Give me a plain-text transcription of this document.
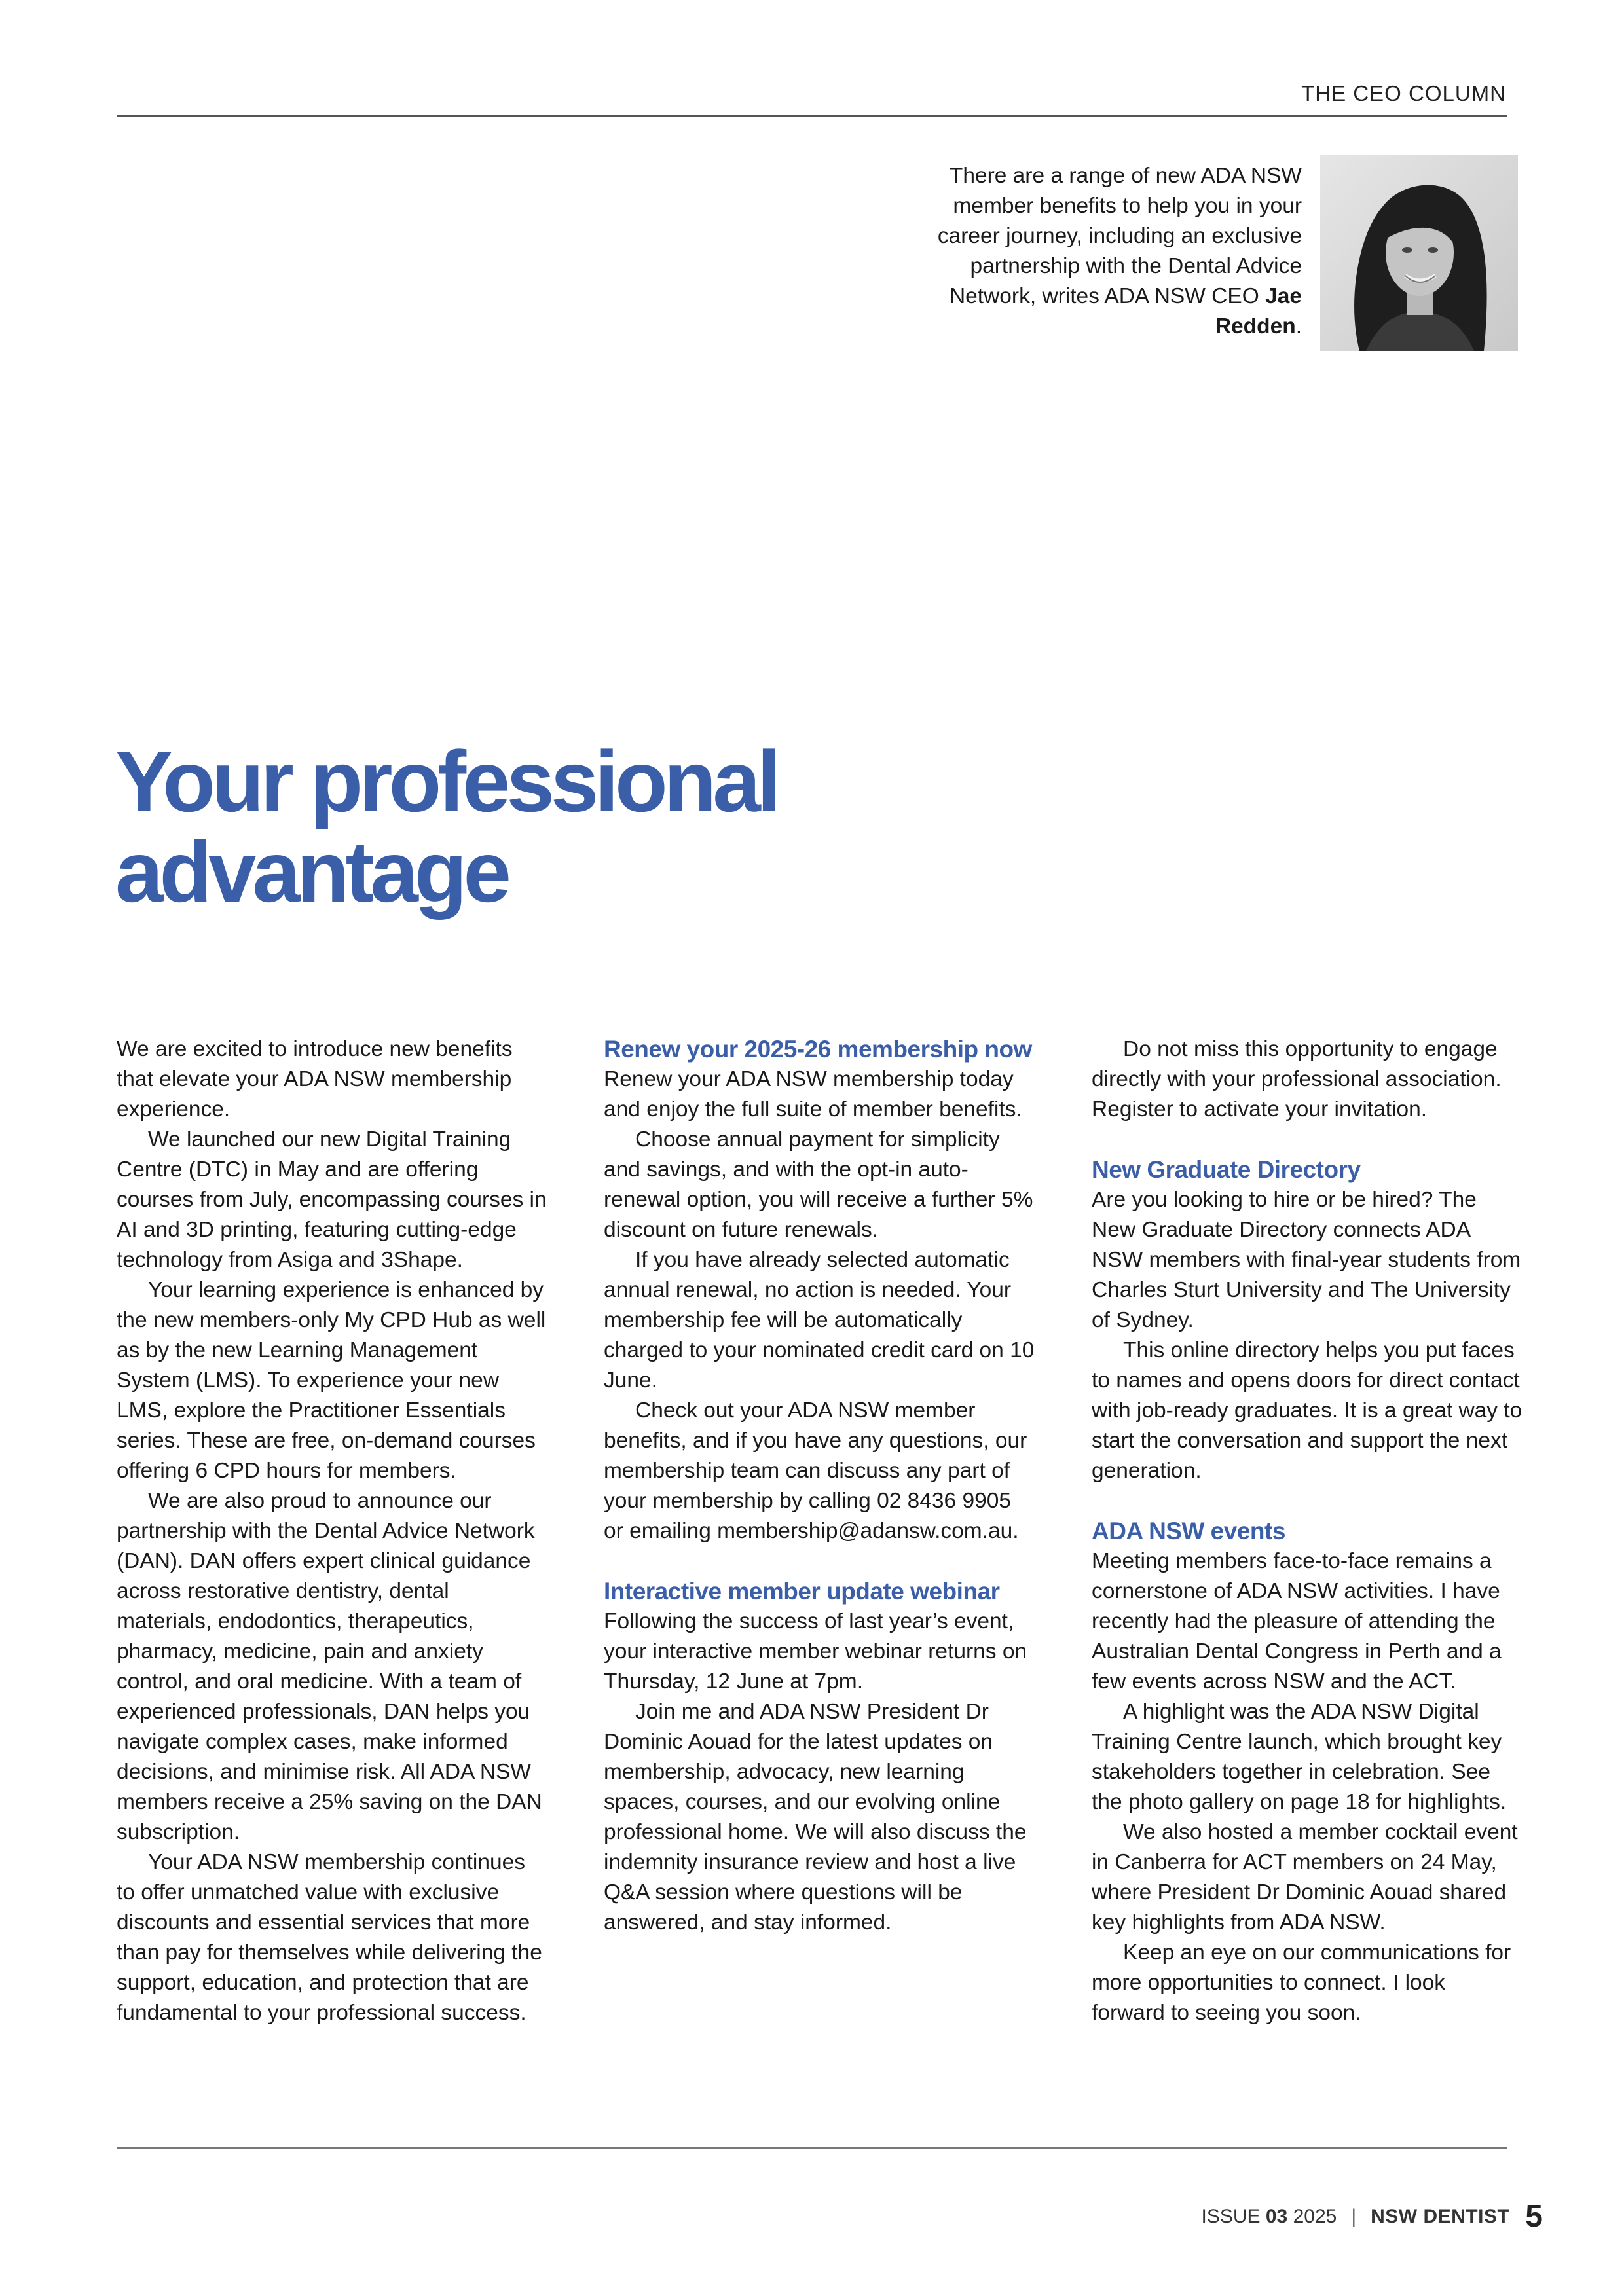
THE CEO COLUMN
There are a range of new ADA NSW member benefits to help you in your career journey, including an exclusive partnership with the Dental Advice Network, writes ADA NSW CEO Jae Redden.
Your professional
advantage

We are excited to introduce new benefits that elevate your ADA NSW membership experience.

We launched our new Digital Training Centre (DTC) in May and are offering courses from July, encompassing courses in AI and 3D printing, featuring cutting-edge technology from Asiga and 3Shape.

Your learning experience is enhanced by the new members-only My CPD Hub as well as by the new Learning Management System (LMS). To experience your new LMS, explore the Practitioner Essentials series. These are free, on-demand courses offering 6 CPD hours for members.

We are also proud to announce our partnership with the Dental Advice Network (DAN). DAN offers expert clinical guidance across restorative dentistry, dental materials, endodontics, therapeutics, pharmacy, medicine, pain and anxiety control, and oral medicine. With a team of experienced professionals, DAN helps you navigate complex cases, make informed decisions, and minimise risk. All ADA NSW members receive a 25% saving on the DAN subscription.

Your ADA NSW membership continues to offer unmatched value with exclusive discounts and essential services that more than pay for themselves while delivering the support, education, and protection that are fundamental to your professional success.

Renew your 2025-26 membership now

Renew your ADA NSW membership today and enjoy the full suite of member benefits.

Choose annual payment for simplicity and savings, and with the opt-in auto-renewal option, you will receive a further 5% discount on future renewals.

If you have already selected automatic annual renewal, no action is needed. Your membership fee will be automatically charged to your nominated credit card on 10 June.

Check out your ADA NSW member benefits, and if you have any questions, our membership team can discuss any part of your membership by calling 02 8436 9905 or emailing membership@adansw.com.au.

Interactive member update webinar

Following the success of last year’s event, your interactive member webinar returns on Thursday, 12 June at 7pm.

Join me and ADA NSW President Dr Dominic Aouad for the latest updates on membership, advocacy, new learning spaces, courses, and our evolving online professional home. We will also discuss the indemnity insurance review and host a live Q&A session where questions will be answered, and stay informed.

Do not miss this opportunity to engage directly with your professional association. Register to activate your invitation.

New Graduate Directory

Are you looking to hire or be hired? The New Graduate Directory connects ADA NSW members with final-year students from Charles Sturt University and The University of Sydney.

This online directory helps you put faces to names and opens doors for direct contact with job-ready graduates. It is a great way to start the conversation and support the next generation.

ADA NSW events

Meeting members face-to-face remains a cornerstone of ADA NSW activities. I have recently had the pleasure of attending the Australian Dental Congress in Perth and a few events across NSW and the ACT.

A highlight was the ADA NSW Digital Training Centre launch, which brought key stakeholders together in celebration. See the photo gallery on page 18 for highlights.

We also hosted a member cocktail event in Canberra for ACT members on 24 May, where President Dr Dominic Aouad shared key highlights from ADA NSW.

Keep an eye on our communications for more opportunities to connect. I look forward to seeing you soon.

ISSUE
03
2025 | NSW DENTIST 5
